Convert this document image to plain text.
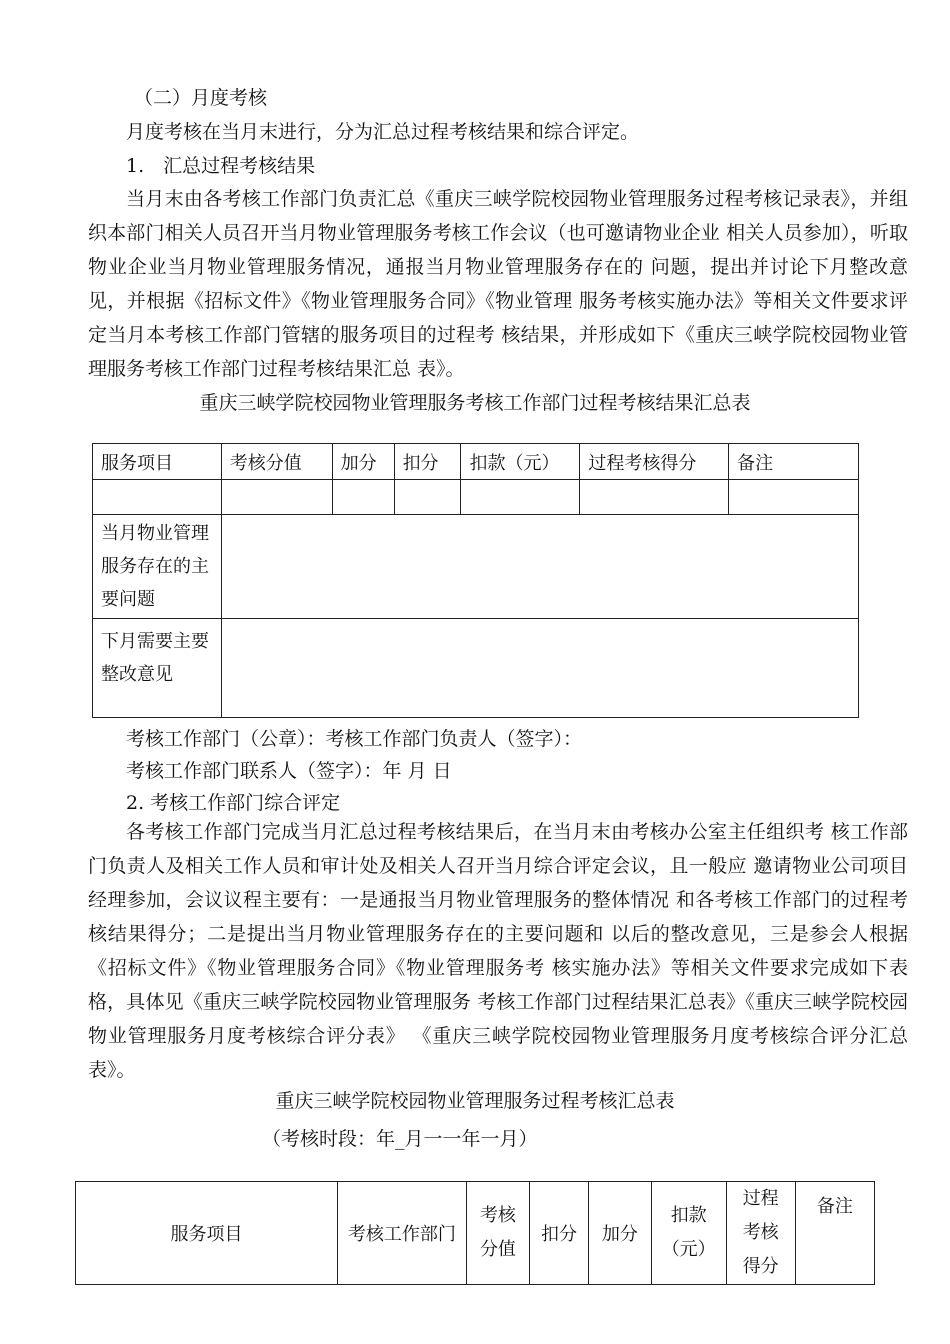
（二）月度考核
月度考核在当月末进行，分为汇总过程考核结果和综合评定。
1.　汇总过程考核结果
当月末由各考核工作部门负责汇总《重庆三峡学院校园物业管理服务过程考核记录表》，并组织本部门相关人员召开当月物业管理服务考核工作会议（也可邀请物业企业 相关人员参加），听取物业企业当月物业管理服务情况，通报当月物业管理服务存在的 问题，提出并讨论下月整改意见，并根据《招标文件》《物业管理服务合同》《物业管理 服务考核实施办法》等相关文件要求评定当月本考核工作部门管辖的服务项目的过程考 核结果，并形成如下《重庆三峡学院校园物业管理服务考核工作部门过程考核结果汇总 表》。
重庆三峡学院校园物业管理服务考核工作部门过程考核结果汇总表
服务项目	考核分值	加分	扣分	扣款（元）	过程考核得分	备注

当月物业管理服务存在的主要问题						
下月需要主要整改意见						
考核工作部门（公章）：考核工作部门负责人（签字）：
考核工作部门联系人（签字）：年 月 日
2. 考核工作部门综合评定
各考核工作部门完成当月汇总过程考核结果后，在当月末由考核办公室主任组织考 核工作部门负责人及相关工作人员和审计处及相关人召开当月综合评定会议，且一般应 邀请物业公司项目经理参加，会议议程主要有：一是通报当月物业管理服务的整体情况 和各考核工作部门的过程考核结果得分；二是提出当月物业管理服务存在的主要问题和 以后的整改意见，三是参会人根据《招标文件》《物业管理服务合同》《物业管理服务考 核实施办法》等相关文件要求完成如下表格，具体见《重庆三峡学院校园物业管理服务 考核工作部门过程结果汇总表》《重庆三峡学院校园物业管理服务月度考核综合评分表》 《重庆三峡学院校园物业管理服务月度考核综合评分汇总表》。
重庆三峡学院校园物业管理服务过程考核汇总表
（考核时段：年_月一一年一月）
服务项目	考核工作部门	考核分值	扣分	加分	扣款（元）	过程考核得分	备注
